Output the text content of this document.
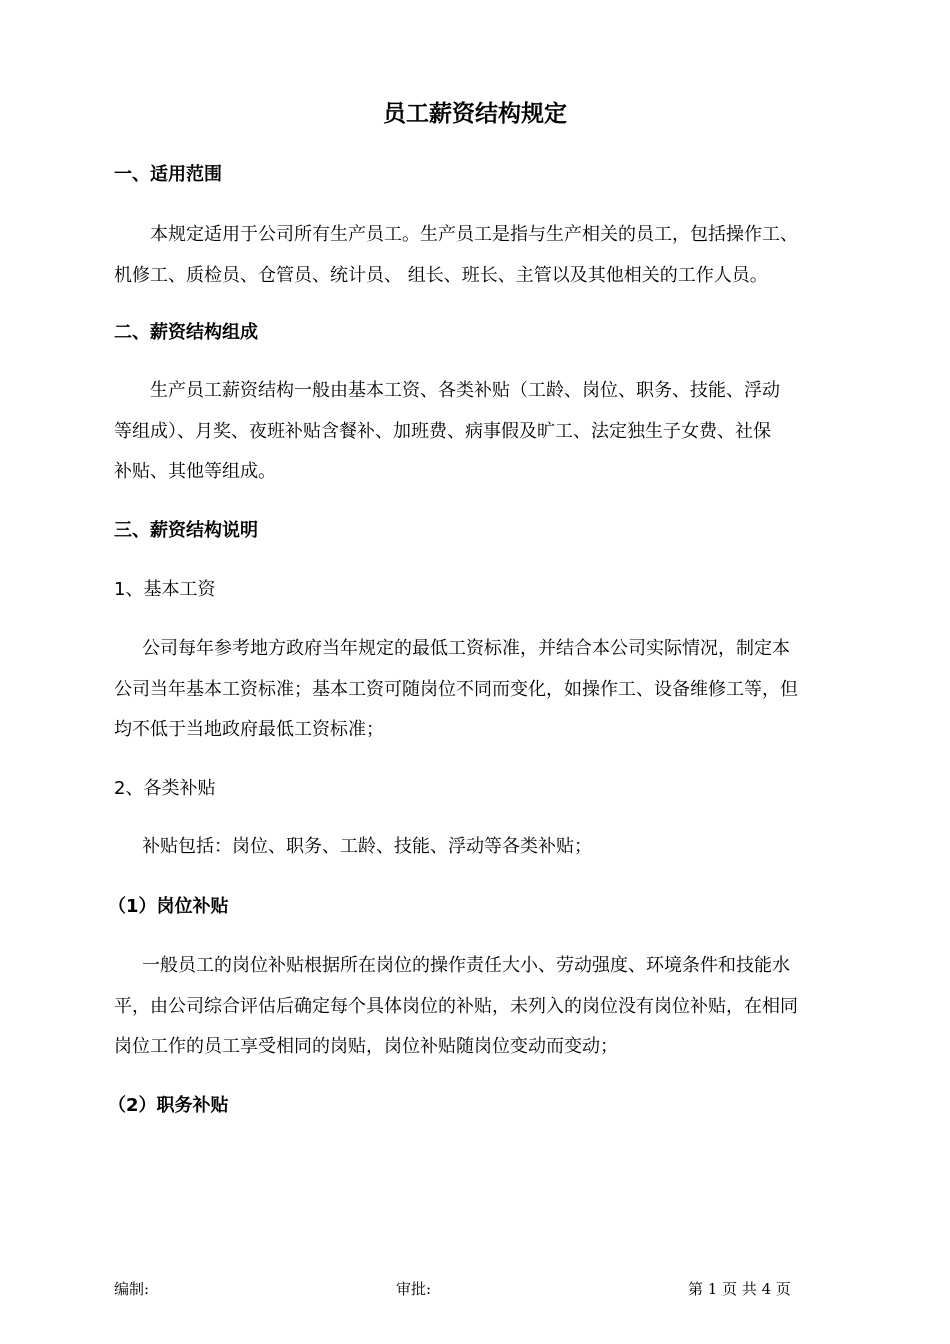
员工薪资结构规定
一、适用范围
本规定适用于公司所有生产员工。生产员工是指与生产相关的员工，包括操作工、
机修工、质检员、仓管员、统计员、 组长、班长、主管以及其他相关的工作人员。
二、薪资结构组成
生产员工薪资结构一般由基本工资、各类补贴（工龄、岗位、职务、技能、浮动
等组成）、月奖、夜班补贴含餐补、加班费、病事假及旷工、法定独生子女费、社保
补贴、其他等组成。
三、薪资结构说明
1、基本工资
公司每年参考地方政府当年规定的最低工资标准，并结合本公司实际情况，制定本
公司当年基本工资标准；基本工资可随岗位不同而变化，如操作工、设备维修工等，但
均不低于当地政府最低工资标准；
2、各类补贴
补贴包括：岗位、职务、工龄、技能、浮动等各类补贴；
（1）岗位补贴
一般员工的岗位补贴根据所在岗位的操作责任大小、劳动强度、环境条件和技能水
平，由公司综合评估后确定每个具体岗位的补贴，未列入的岗位没有岗位补贴，在相同
岗位工作的员工享受相同的岗贴，岗位补贴随岗位变动而变动；
（2）职务补贴
编制:	审批:	第 1 页 共 4 页
